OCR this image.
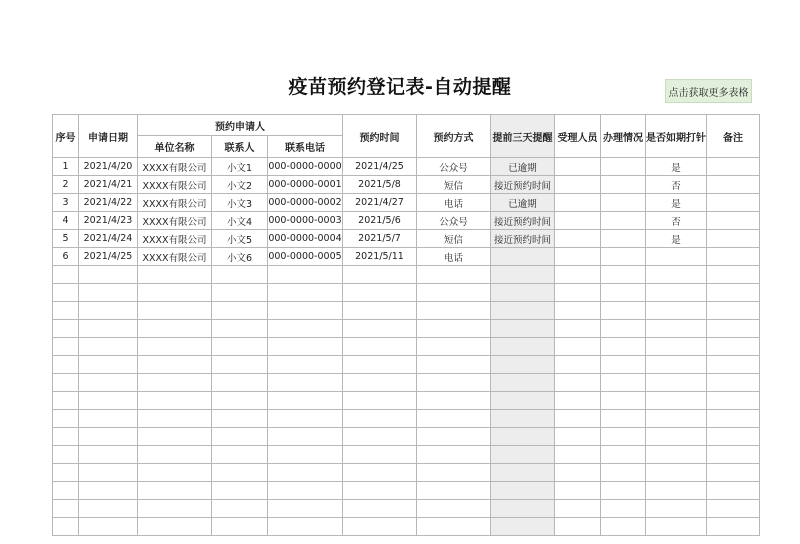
疫苗预约登记表-自动提醒	点击获取更多表格
序号	申请日期	预约申请人			预约时间	预约方式	提前三天提醒	受理人员	办理情况	是否如期打针	备注
		单位名称	联系人	联系电话							
1	2021/4/20	XXXX有限公司	小文1	000-0000-0000	2021/4/25	公众号	已逾期			是	
2	2021/4/21	XXXX有限公司	小文2	000-0000-0001	2021/5/8	短信	接近预约时间			否	
3	2021/4/22	XXXX有限公司	小文3	000-0000-0002	2021/4/27	电话	已逾期			是	
4	2021/4/23	XXXX有限公司	小文4	000-0000-0003	2021/5/6	公众号	接近预约时间			否	
5	2021/4/24	XXXX有限公司	小文5	000-0000-0004	2021/5/7	短信	接近预约时间			是	
6	2021/4/25	XXXX有限公司	小文6	000-0000-0005	2021/5/11	电话					
